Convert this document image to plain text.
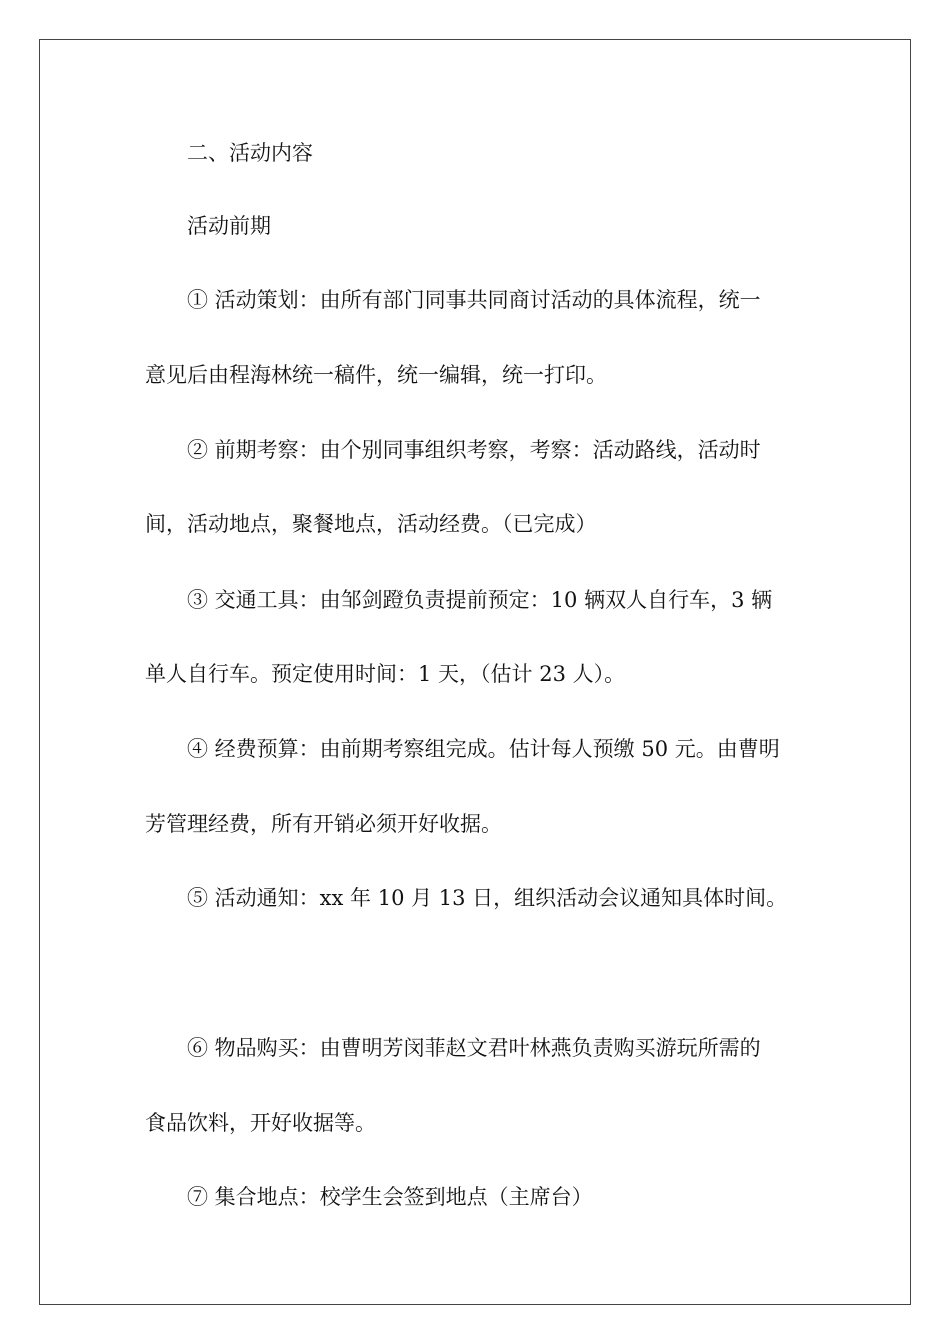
二、活动内容
活动前期
① 活动策划：由所有部门同事共同商讨活动的具体流程，统一
意见后由程海林统一稿件，统一编辑，统一打印。
② 前期考察：由个别同事组织考察，考察：活动路线，活动时
间，活动地点，聚餐地点，活动经费。（已完成）
③ 交通工具：由邹剑蹬负责提前预定：10 辆双人自行车，3 辆
单人自行车。预定使用时间：1 天，（估计 23 人）。
④ 经费预算：由前期考察组完成。估计每人预缴 50 元。由曹明
芳管理经费，所有开销必须开好收据。
⑤ 活动通知：xx 年 10 月 13 日，组织活动会议通知具体时间。
⑥ 物品购买：由曹明芳闵菲赵文君叶林燕负责购买游玩所需的
食品饮料，开好收据等。
⑦ 集合地点：校学生会签到地点（主席台）
